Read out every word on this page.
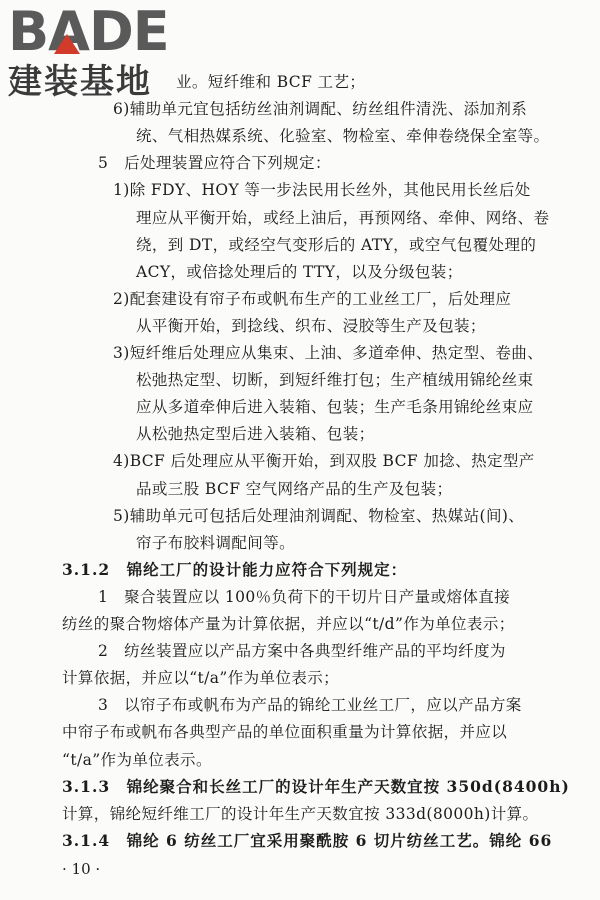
B A DE
建装基地	业。短纤维和 BCF 工艺；
6)辅助单元宜包括纺丝油剂调配、纺丝组件清洗、添加剂系
统、气相热媒系统、化验室、物检室、牵伸卷绕保全室等。
5　后处理装置应符合下列规定：
1)除 FDY、HOY 等一步法民用长丝外，其他民用长丝后处
理应从平衡开始，或经上油后，再预网络、牵伸、网络、卷
绕，到 DT，或经空气变形后的 ATY，或空气包覆处理的
ACY，或倍捻处理后的 TTY，以及分级包装；
2)配套建设有帘子布或帆布生产的工业丝工厂，后处理应
从平衡开始，到捻线、织布、浸胶等生产及包装；
3)短纤维后处理应从集束、上油、多道牵伸、热定型、卷曲、
松弛热定型、切断，到短纤维打包；生产植绒用锦纶丝束
应从多道牵伸后进入装箱、包装；生产毛条用锦纶丝束应
从松弛热定型后进入装箱、包装；
4)BCF 后处理应从平衡开始，到双股 BCF 加捻、热定型产
品或三股 BCF 空气网络产品的生产及包装；
5)辅助单元可包括后处理油剂调配、物检室、热媒站(间)、
帘子布胶料调配间等。
3.1.2　锦纶工厂的设计能力应符合下列规定：
1　聚合装置应以 100％负荷下的干切片日产量或熔体直接
纺丝的聚合物熔体产量为计算依据，并应以“t/d”作为单位表示；
2　纺丝装置应以产品方案中各典型纤维产品的平均纤度为
计算依据，并应以“t/a”作为单位表示；
3　以帘子布或帆布为产品的锦纶工业丝工厂，应以产品方案
中帘子布或帆布各典型产品的单位面积重量为计算依据，并应以
“t/a”作为单位表示。
3.1.3　锦纶聚合和长丝工厂的设计年生产天数宜按 350d(8400h)
计算，锦纶短纤维工厂的设计年生产天数宜按 333d(8000h)计算。
3.1.4　锦纶 6 纺丝工厂宜采用聚酰胺 6 切片纺丝工艺。锦纶 66
· 10 ·
